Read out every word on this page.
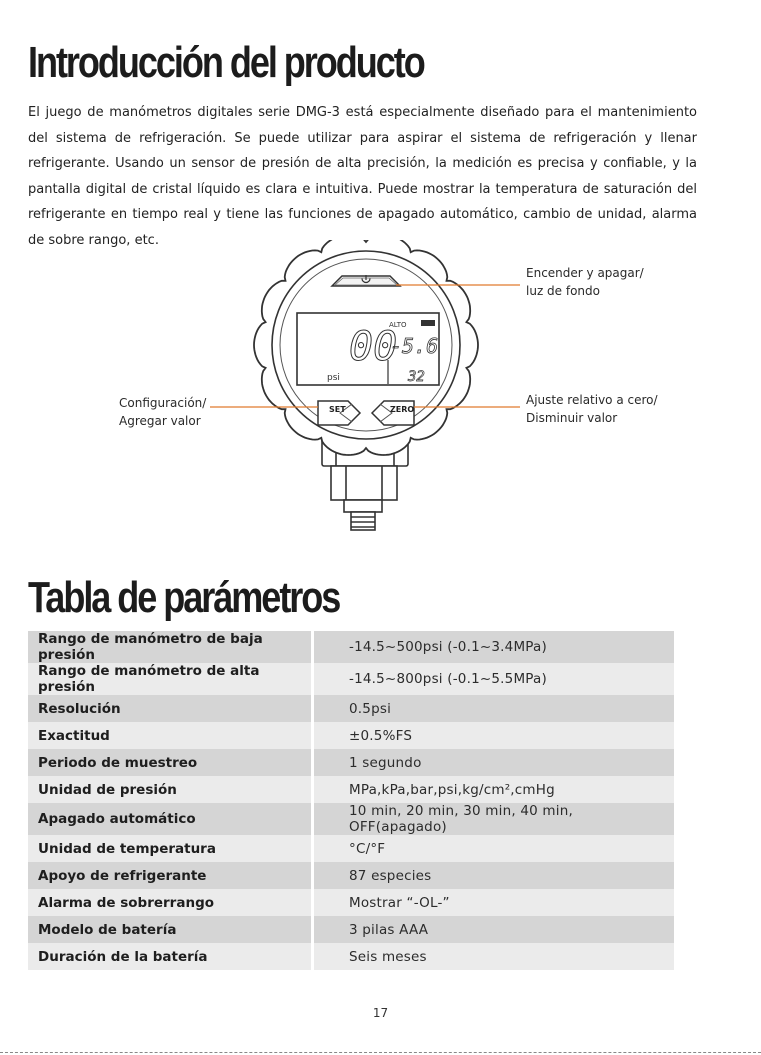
Introducción del producto

El juego de manómetros digitales serie DMG-3 está especialmente diseñado para el mantenimiento del sistema de refrigeración. Se puede utilizar para aspirar el sistema de refrigeración y llenar refrigerante. Usando un sensor de presión de alta precisión, la medición es precisa y confiable, y la pantalla digital de cristal líquido es clara e intuitiva. Puede mostrar la temperatura de saturación del refrigerante en tiempo real y tiene las funciones de apagado automático, cambio de unidad, alarma de sobre rango, etc.

ALTO
00
-5.6
psi	32
SET	ZERO
Encender y apagar/
luz de fondo
Configuración/
Agregar valor
Ajuste relativo a cero/
Disminuir valor
Tabla de parámetros
Rango de manómetro de baja presión		-14.5~500psi (-0.1~3.4MPa)
Rango de manómetro de alta presión		-14.5~800psi (-0.1~5.5MPa)
Resolución		0.5psi
Exactitud		±0.5%FS
Periodo de muestreo		1 segundo
Unidad de presión		MPa,kPa,bar,psi,kg/cm²,cmHg
Apagado automático		10 min, 20 min, 30 min, 40 min, OFF(apagado)
Unidad de temperatura		°C/°F
Apoyo de refrigerante		87 especies
Alarma de sobrerrango		Mostrar “-OL-”
Modelo de batería		3 pilas AAA
Duración de la batería		Seis meses
17
